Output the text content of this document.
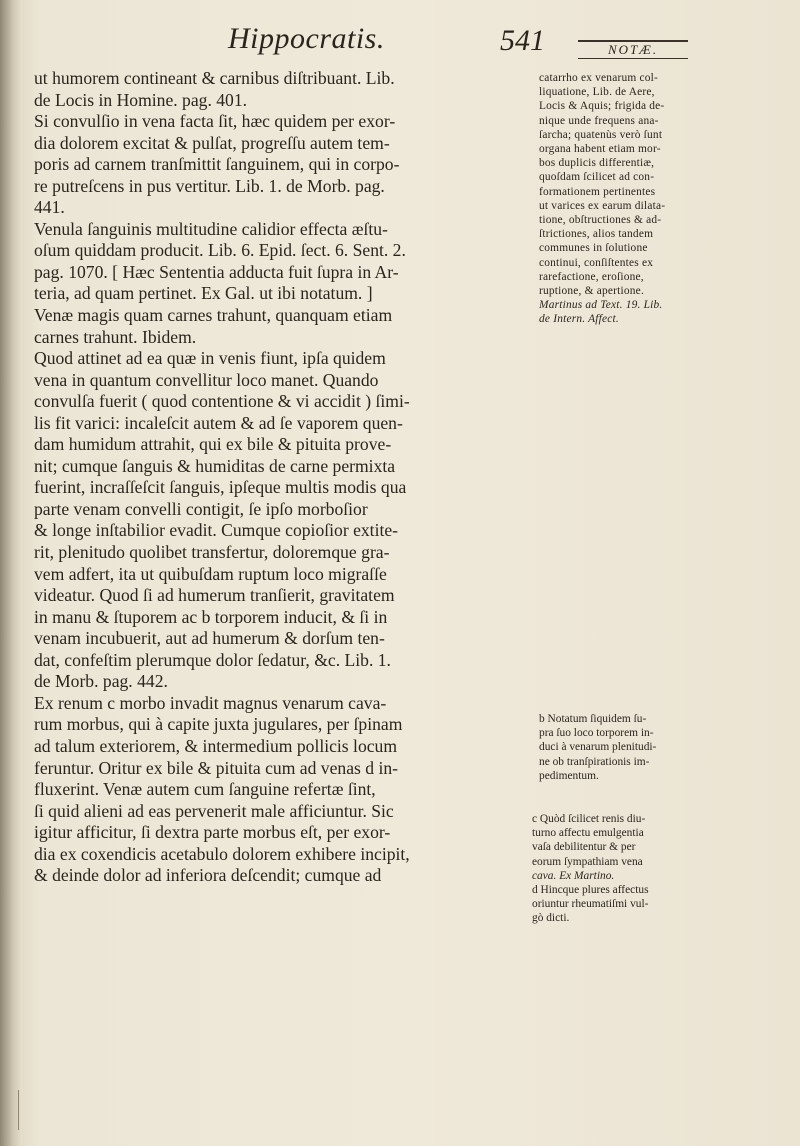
Hippocratis.	541	NOTÆ.
ut humorem contineant & carnibus diſtribuant. Lib.
de Locis in Homine. pag. 401.
Si convulſio in vena facta ſit, hæc quidem per exor-
dia dolorem excitat & pulſat, progreſſu autem tem-
poris ad carnem tranſmittit ſanguinem, qui in corpo-
re putreſcens in pus vertitur. Lib. 1. de Morb. pag.
441.
Venula ſanguinis multitudine calidior effecta æſtu-
oſum quiddam producit. Lib. 6. Epid. ſect. 6. Sent. 2.
pag. 1070. [ Hæc Sententia adducta fuit ſupra in Ar-
teria, ad quam pertinet. Ex Gal. ut ibi notatum. ]
Venæ magis quam carnes trahunt, quanquam etiam
carnes trahunt. Ibidem.
Quod attinet ad ea quæ in venis fiunt, ipſa quidem
vena in quantum convellitur loco manet. Quando
convulſa fuerit ( quod contentione & vi accidit ) ſimi-
lis fit varici: incaleſcit autem & ad ſe vaporem quen-
dam humidum attrahit, qui ex bile & pituita prove-
nit; cumque ſanguis & humiditas de carne permixta
fuerint, incraſſeſcit ſanguis, ipſeque multis modis qua
parte venam convelli contigit, ſe ipſo morboſior
& longe inſtabilior evadit. Cumque copioſior extite-
rit, plenitudo quolibet transfertur, doloremque gra-
vem adfert, ita ut quibuſdam ruptum loco migraſſe
videatur. Quod ſi ad humerum tranſierit, gravitatem
in manu & ſtuporem ac b torporem inducit, & ſi in
venam incubuerit, aut ad humerum & dorſum ten-
dat, confeſtim plerumque dolor ſedatur, &c. Lib. 1.
de Morb. pag. 442.
Ex renum c morbo invadit magnus venarum cava-
rum morbus, qui à capite juxta jugulares, per ſpinam
ad talum exteriorem, & intermedium pollicis locum
feruntur. Oritur ex bile & pituita cum ad venas d in-
fluxerint. Venæ autem cum ſanguine refertæ ſint,
ſi quid alieni ad eas pervenerit male afficiuntur. Sic
igitur afficitur, ſi dextra parte morbus eſt, per exor-
dia ex coxendicis acetabulo dolorem exhibere incipit,
& deinde dolor ad inferiora deſcendit; cumque ad
catarrho ex venarum col-
liquatione, Lib. de Aere,
Locis & Aquis; frigida de-
nique unde frequens ana-
ſarcha; quatenùs verò ſunt
organa habent etiam mor-
bos duplicis differentiæ,
quoſdam ſcilicet ad con-
formationem pertinentes
ut varices ex earum dilata-
tione, obſtructiones & ad-
ſtrictiones, alios tandem
communes in ſolutione
continui, conſiſtentes ex
rarefactione, eroſione,
ruptione, & apertione.
Martinus ad Text. 19. Lib.
de Intern. Affect.
b Notatum ſiquidem ſu-
pra ſuo loco torporem in-
duci à venarum plenitudi-
ne ob tranſpirationis im-
pedimentum.
c Quòd ſcilicet renis diu-
turno affectu emulgentia
vaſa debilitentur & per
eorum ſympathiam vena
cava. Ex Martino.
d Hincque plures affectus
oriuntur rheumatiſmi vul-
gò dicti.
